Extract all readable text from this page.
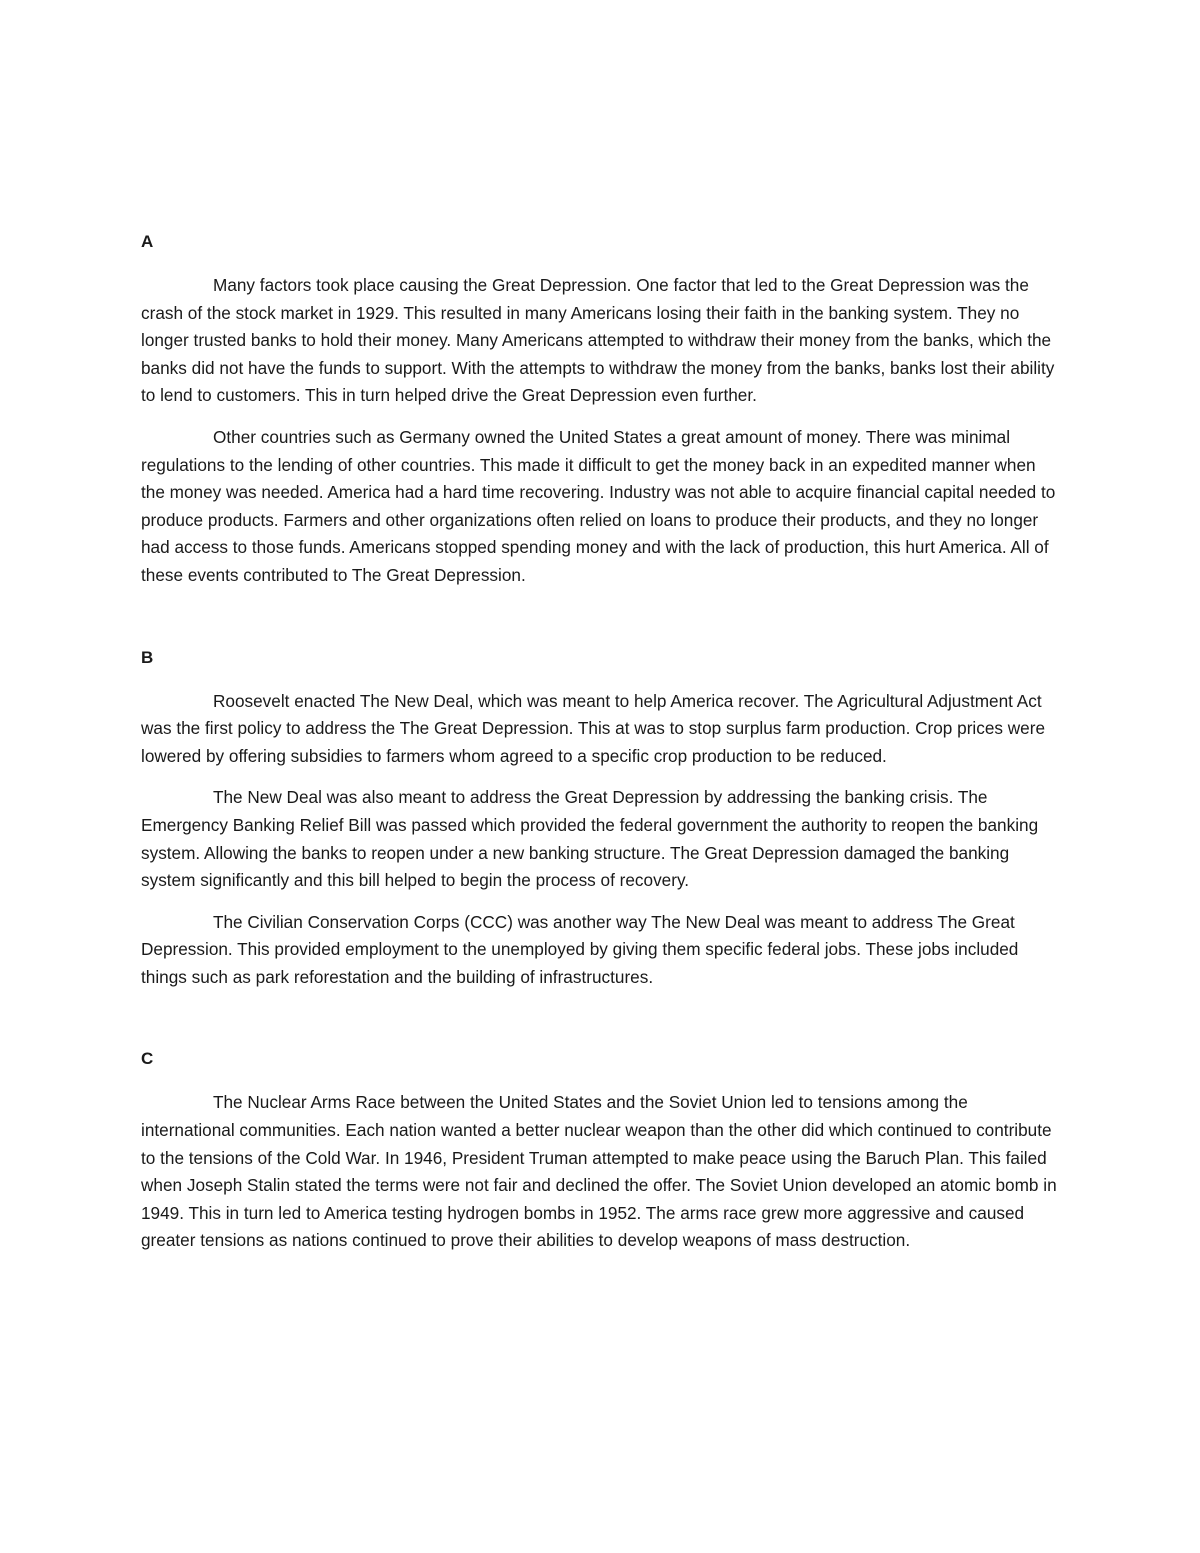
A

Many factors took place causing the Great Depression. One factor that led to the Great Depression was the crash of the stock market in 1929. This resulted in many Americans losing their faith in the banking system. They no longer trusted banks to hold their money. Many Americans attempted to withdraw their money from the banks, which the banks did not have the funds to support. With the attempts to withdraw the money from the banks, banks lost their ability to lend to customers. This in turn helped drive the Great Depression even further.

Other countries such as Germany owned the United States a great amount of money. There was minimal regulations to the lending of other countries. This made it difficult to get the money back in an expedited manner when the money was needed. America had a hard time recovering. Industry was not able to acquire financial capital needed to produce products. Farmers and other organizations often relied on loans to produce their products, and they no longer had access to those funds. Americans stopped spending money and with the lack of production, this hurt America. All of these events contributed to The Great Depression.

B

Roosevelt enacted The New Deal, which was meant to help America recover. The Agricultural Adjustment Act was the first policy to address the The Great Depression. This at was to stop surplus farm production. Crop prices were lowered by offering subsidies to farmers whom agreed to a specific crop production to be reduced.

The New Deal was also meant to address the Great Depression by addressing the banking crisis. The Emergency Banking Relief Bill was passed which provided the federal government the authority to reopen the banking system. Allowing the banks to reopen under a new banking structure. The Great Depression damaged the banking system significantly and this bill helped to begin the process of recovery.

The Civilian Conservation Corps (CCC) was another way The New Deal was meant to address The Great Depression. This provided employment to the unemployed by giving them specific federal jobs. These jobs included things such as park reforestation and the building of infrastructures.

C

The Nuclear Arms Race between the United States and the Soviet Union led to tensions among the international communities. Each nation wanted a better nuclear weapon than the other did which continued to contribute to the tensions of the Cold War. In 1946, President Truman attempted to make peace using the Baruch Plan. This failed when Joseph Stalin stated the terms were not fair and declined the offer. The Soviet Union developed an atomic bomb in 1949. This in turn led to America testing hydrogen bombs in 1952. The arms race grew more aggressive and caused greater tensions as nations continued to prove their abilities to develop weapons of mass destruction.
